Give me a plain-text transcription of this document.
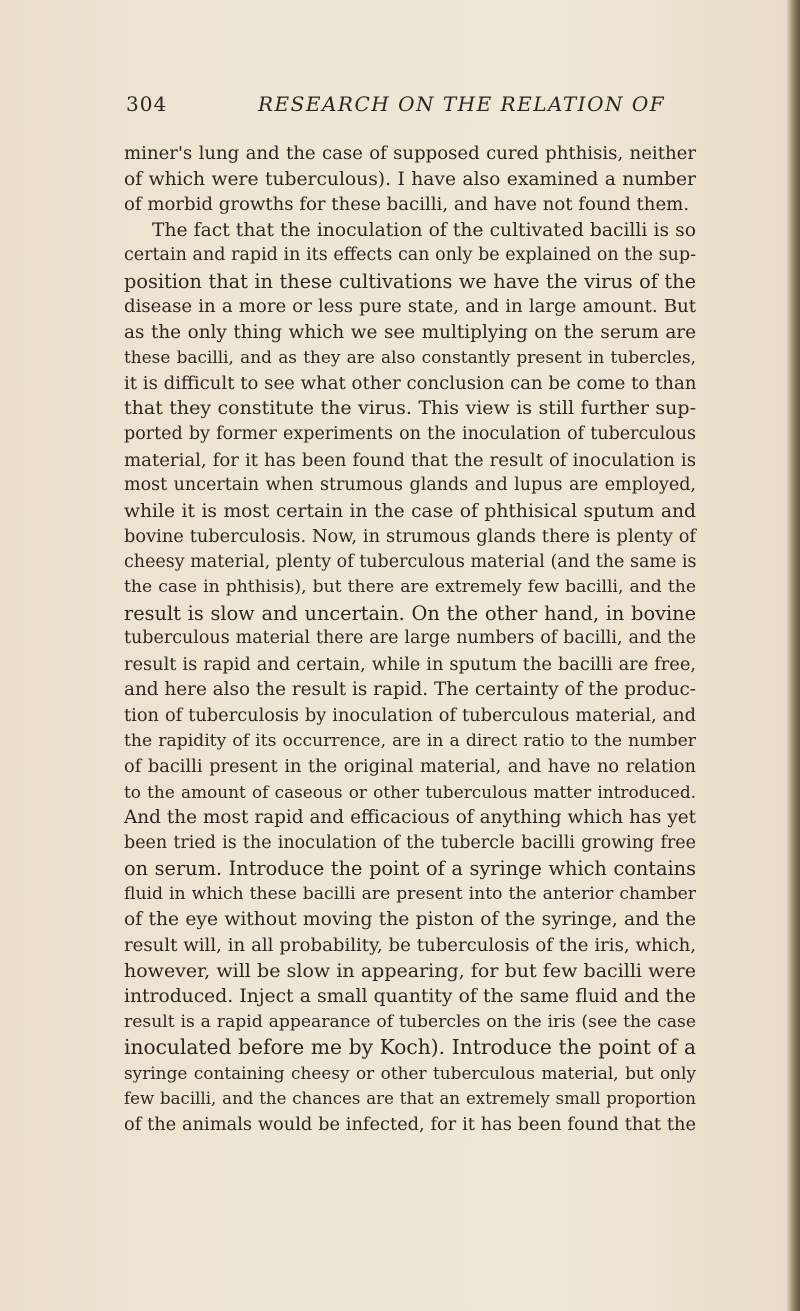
304	RESEARCH ON THE RELATION OF
miner's lung and the case of supposed cured phthisis, neither
of which were tuberculous). I have also examined a number
of morbid growths for these bacilli, and have not found them.
The fact that the inoculation of the cultivated bacilli is so
certain and rapid in its effects can only be explained on the sup-
position that in these cultivations we have the virus of the
disease in a more or less pure state, and in large amount. But
as the only thing which we see multiplying on the serum are
these bacilli, and as they are also constantly present in tubercles,
it is difficult to see what other conclusion can be come to than
that they constitute the virus. This view is still further sup-
ported by former experiments on the inoculation of tuberculous
material, for it has been found that the result of inoculation is
most uncertain when strumous glands and lupus are employed,
while it is most certain in the case of phthisical sputum and
bovine tuberculosis. Now, in strumous glands there is plenty of
cheesy material, plenty of tuberculous material (and the same is
the case in phthisis), but there are extremely few bacilli, and the
result is slow and uncertain. On the other hand, in bovine
tuberculous material there are large numbers of bacilli, and the
result is rapid and certain, while in sputum the bacilli are free,
and here also the result is rapid. The certainty of the produc-
tion of tuberculosis by inoculation of tuberculous material, and
the rapidity of its occurrence, are in a direct ratio to the number
of bacilli present in the original material, and have no relation
to the amount of caseous or other tuberculous matter introduced.
And the most rapid and efficacious of anything which has yet
been tried is the inoculation of the tubercle bacilli growing free
on serum. Introduce the point of a syringe which contains
fluid in which these bacilli are present into the anterior chamber
of the eye without moving the piston of the syringe, and the
result will, in all probability, be tuberculosis of the iris, which,
however, will be slow in appearing, for but few bacilli were
introduced. Inject a small quantity of the same fluid and the
result is a rapid appearance of tubercles on the iris (see the case
inoculated before me by Koch). Introduce the point of a
syringe containing cheesy or other tuberculous material, but only
few bacilli, and the chances are that an extremely small proportion
of the animals would be infected, for it has been found that the
